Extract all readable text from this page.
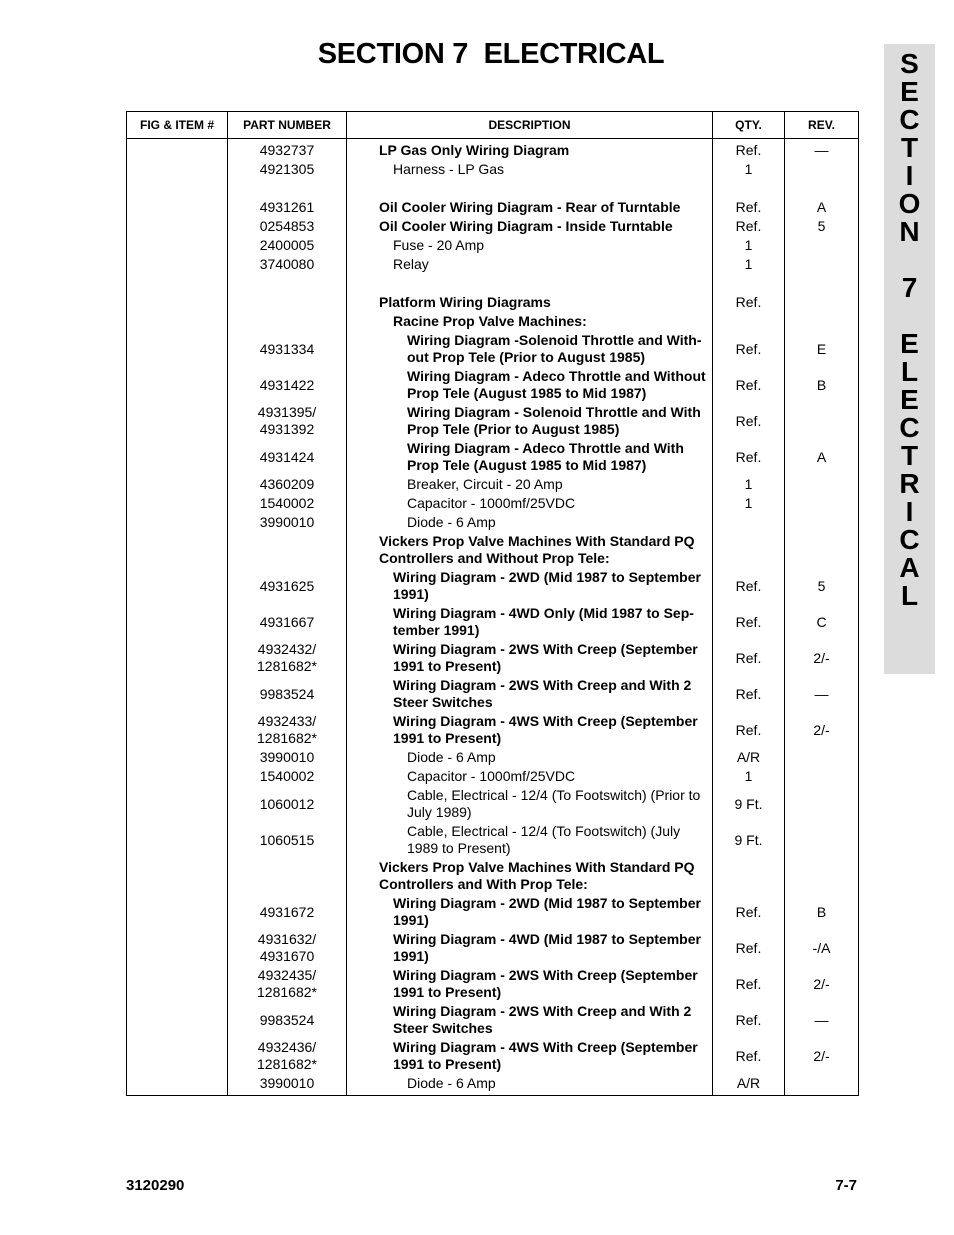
SECTION 7  ELECTRICAL	S
E
C
T
I
O
N
7
E
L
E
C
T
R
I
C
A
L
FIG & ITEM #	PART NUMBER	DESCRIPTION	QTY.	REV.

	4932737	LP Gas Only Wiring Diagram	Ref.	—

	4921305	Harness - LP Gas	1	

	4931261	Oil Cooler Wiring Diagram - Rear of Turntable	Ref.	A

	0254853	Oil Cooler Wiring Diagram - Inside Turntable	Ref.	5

	2400005	Fuse - 20 Amp	1	

	3740080	Relay	1	

		Platform Wiring Diagrams	Ref.	

		Racine Prop Valve Machines:		

	4931334	Wiring Diagram -Solenoid Throttle and With-out Prop Tele (Prior to August 1985)	Ref.	E

	4931422	Wiring Diagram - Adeco Throttle and Without Prop Tele (August 1985 to Mid 1987)	Ref.	B

	4931395/
4931392	Wiring Diagram - Solenoid Throttle and With Prop Tele (Prior to August 1985)	Ref.	

	4931424	Wiring Diagram - Adeco Throttle and With Prop Tele (August 1985 to Mid 1987)	Ref.	A

	4360209	Breaker, Circuit - 20 Amp	1	

	1540002	Capacitor - 1000mf/25VDC	1	

	3990010	Diode - 6 Amp		

		Vickers Prop Valve Machines With Standard PQ Controllers and Without Prop Tele:		

	4931625	Wiring Diagram - 2WD (Mid 1987 to September 1991)	Ref.	5

	4931667	Wiring Diagram - 4WD Only (Mid 1987 to Sep-tember 1991)	Ref.	C

	4932432/
1281682*	Wiring Diagram - 2WS With Creep (September 1991 to Present)	Ref.	2/-

	9983524	Wiring Diagram - 2WS With Creep and With 2 Steer Switches	Ref.	—

	4932433/
1281682*	Wiring Diagram - 4WS With Creep (September 1991 to Present)	Ref.	2/-

	3990010	Diode - 6 Amp	A/R	

	1540002	Capacitor - 1000mf/25VDC	1	

	1060012	Cable, Electrical - 12/4 (To Footswitch) (Prior to July 1989)	9 Ft.	

	1060515	Cable, Electrical - 12/4 (To Footswitch) (July 1989 to Present)	9 Ft.	

		Vickers Prop Valve Machines With Standard PQ Controllers and With Prop Tele:		

	4931672	Wiring Diagram - 2WD (Mid 1987 to September 1991)	Ref.	B

	4931632/
4931670	Wiring Diagram - 4WD (Mid 1987 to September 1991)	Ref.	-/A

	4932435/
1281682*	Wiring Diagram - 2WS With Creep (September 1991 to Present)	Ref.	2/-

	9983524	Wiring Diagram - 2WS With Creep and With 2 Steer Switches	Ref.	—

	4932436/
1281682*	Wiring Diagram - 4WS With Creep (September 1991 to Present)	Ref.	2/-

	3990010	Diode - 6 Amp	A/R	
3120290	7-7
